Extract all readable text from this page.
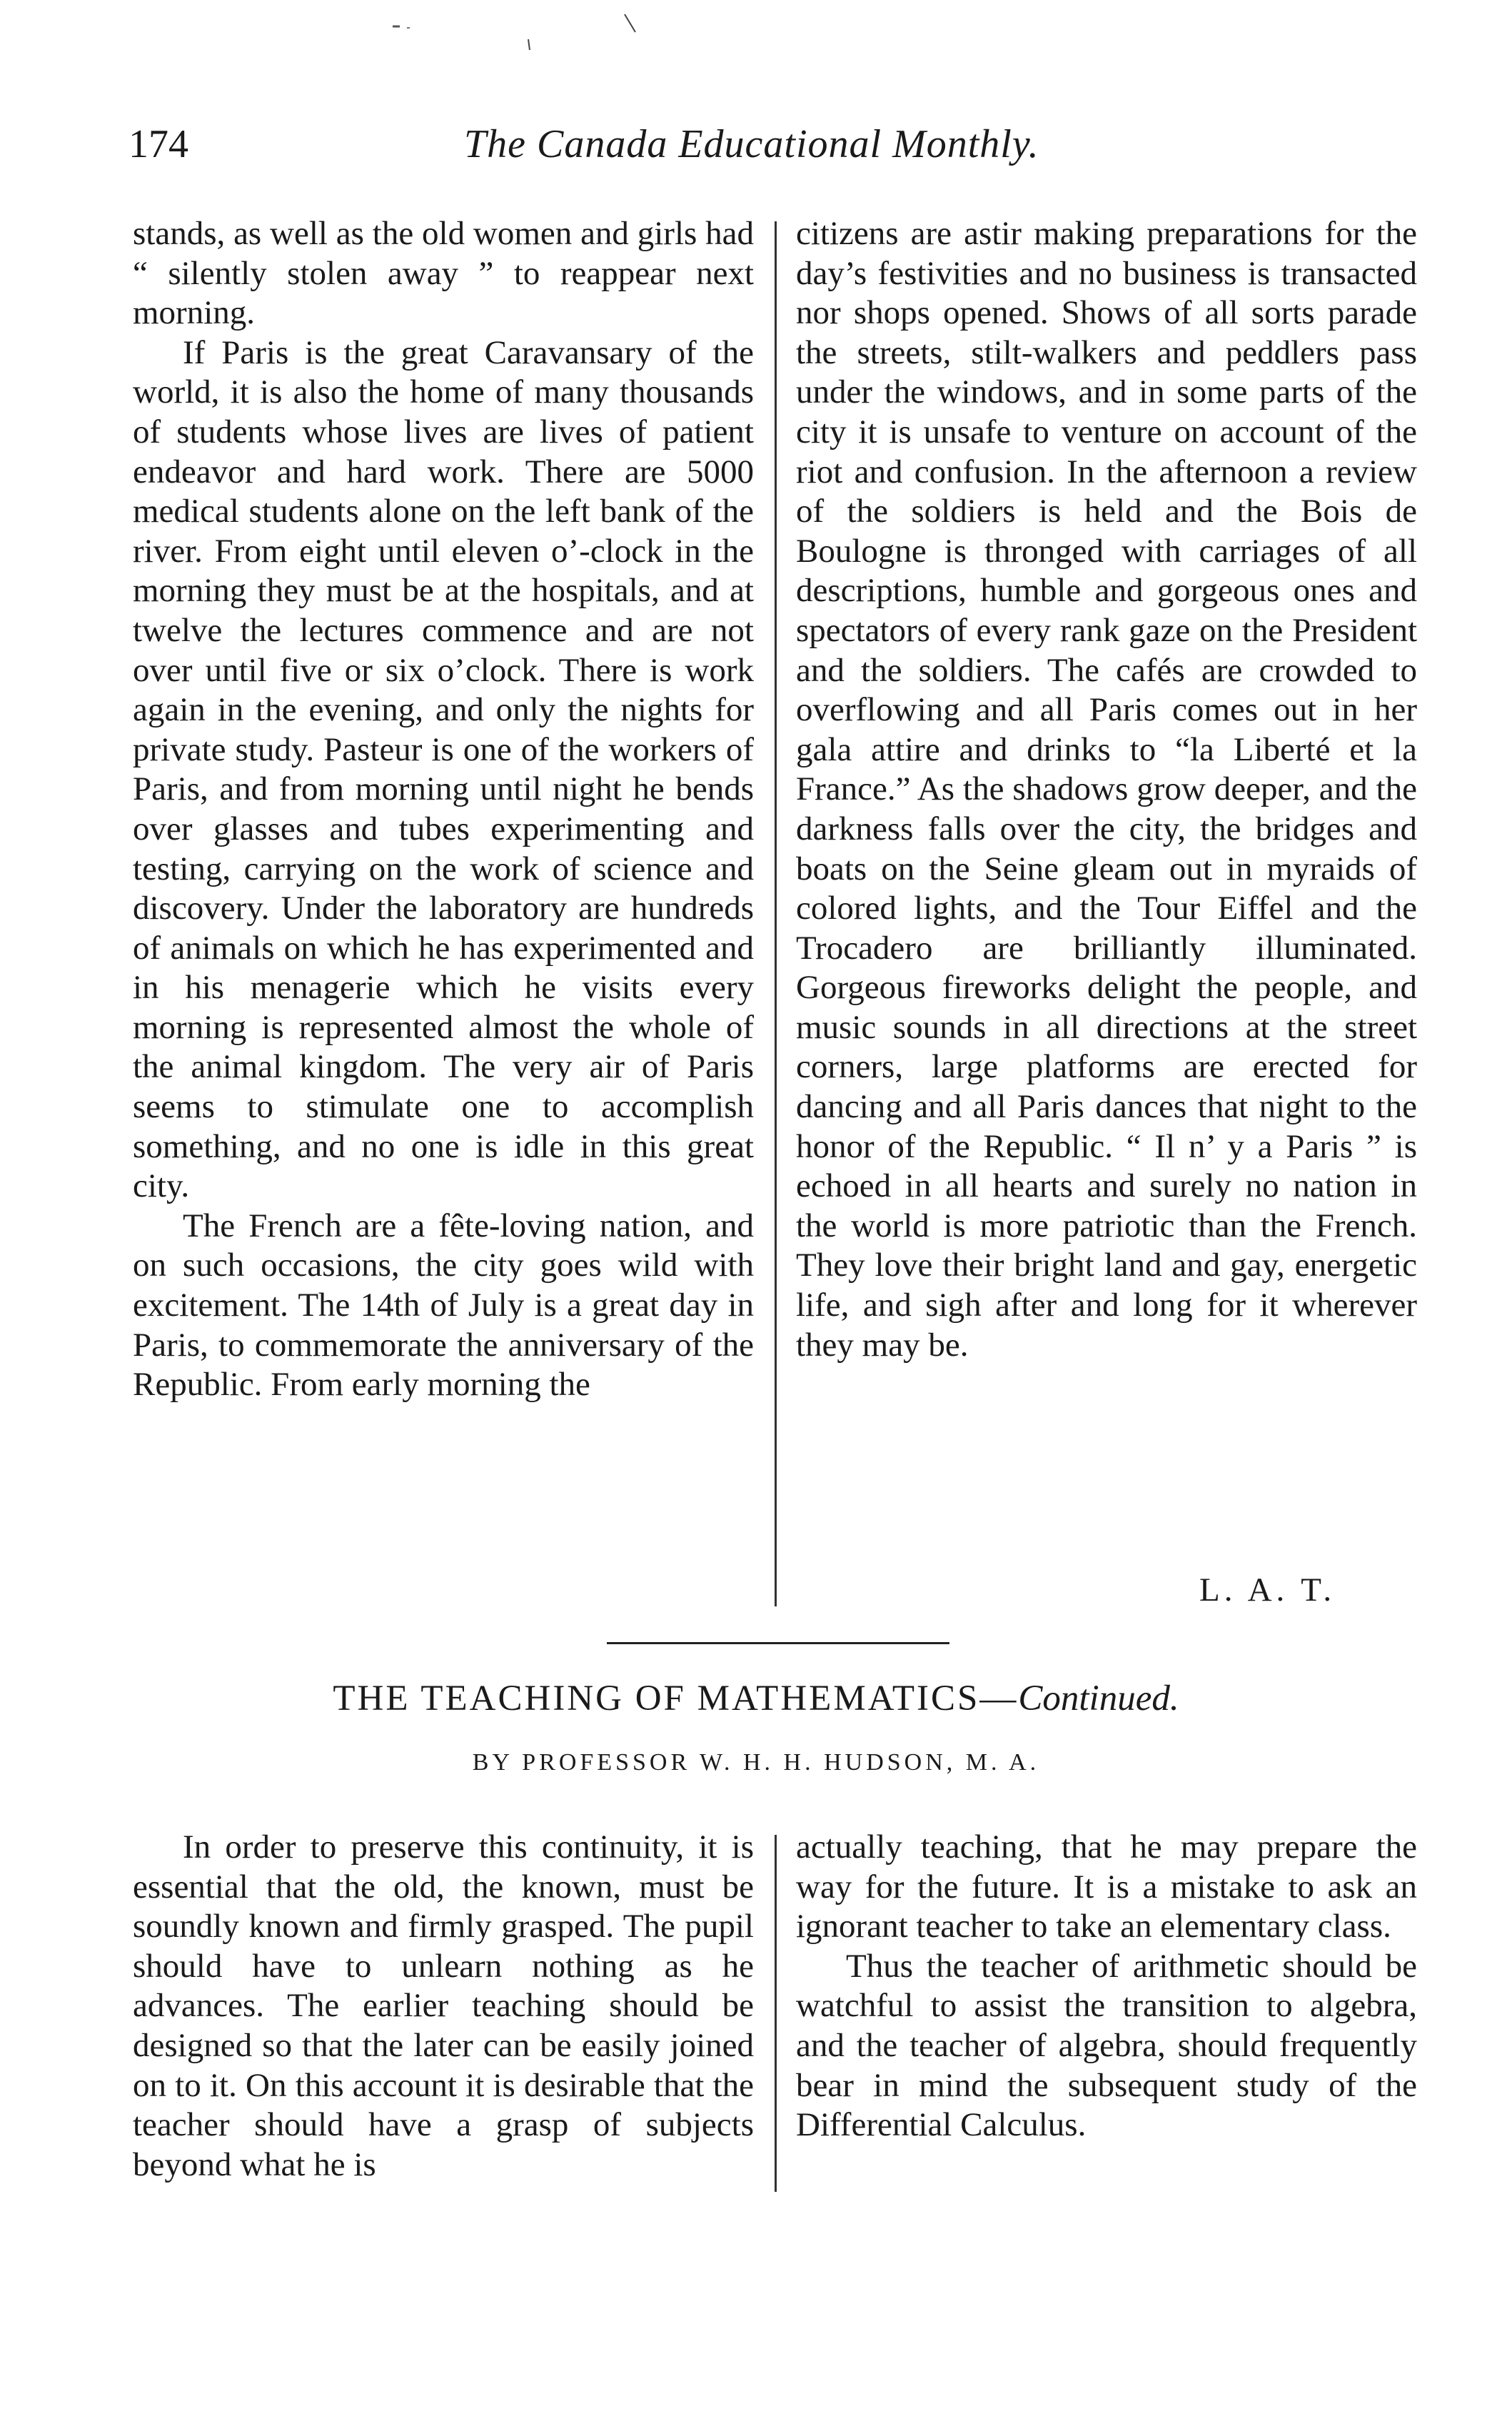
174	The Canada Educational Monthly.

stands, as well as the old women and girls had “ silently stolen away ” to reappear next morning.

If Paris is the great Caravansary of the world, it is also the home of many thousands of students whose lives are lives of patient endeavor and hard work. There are 5000 medical students alone on the left bank of the river. From eight until eleven o’-clock in the morning they must be at the hospitals, and at twelve the lectures commence and are not over until five or six o’clock. There is work again in the evening, and only the nights for private study. Pasteur is one of the workers of Paris, and from morning until night he bends over glasses and tubes experimenting and testing, carrying on the work of science and discovery. Under the laboratory are hundreds of animals on which he has experimented and in his menagerie which he visits every morning is represented almost the whole of the animal kingdom. The very air of Paris seems to stimulate one to accomplish something, and no one is idle in this great city.

The French are a fête-loving nation, and on such occasions, the city goes wild with excitement. The 14th of July is a great day in Paris, to commemorate the anniversary of the Republic. From early morning the

citizens are astir making preparations for the day’s festivities and no business is transacted nor shops opened. Shows of all sorts parade the streets, stilt-walkers and peddlers pass under the windows, and in some parts of the city it is unsafe to venture on account of the riot and confusion. In the afternoon a review of the soldiers is held and the Bois de Boulogne is thronged with carriages of all descriptions, humble and gorgeous ones and spectators of every rank gaze on the President and the soldiers. The cafés are crowded to overflowing and all Paris comes out in her gala attire and drinks to “la Liberté et la France.” As the shadows grow deeper, and the darkness falls over the city, the bridges and boats on the Seine gleam out in myraids of colored lights, and the Tour Eiffel and the Trocadero are brilliantly illuminated. Gorgeous fireworks delight the people, and music sounds in all directions at the street corners, large platforms are erected for dancing and all Paris dances that night to the honor of the Republic. “ Il n’ y a Paris ” is echoed in all hearts and surely no nation in the world is more patriotic than the French. They love their bright land and gay, energetic life, and sigh after and long for it wherever they may be.

L. A. T.
THE TEACHING OF MATHEMATICS—Continued.
BY PROFESSOR W. H. H. HUDSON, M. A.

In order to preserve this continuity, it is essential that the old, the known, must be soundly known and firmly grasped. The pupil should have to unlearn nothing as he advances. The earlier teaching should be designed so that the later can be easily joined on to it. On this account it is desirable that the teacher should have a grasp of subjects beyond what he is

actually teaching, that he may prepare the way for the future. It is a mistake to ask an ignorant teacher to take an elementary class.

Thus the teacher of arithmetic should be watchful to assist the transition to algebra, and the teacher of algebra, should frequently bear in mind the subsequent study of the Differential Calculus.
